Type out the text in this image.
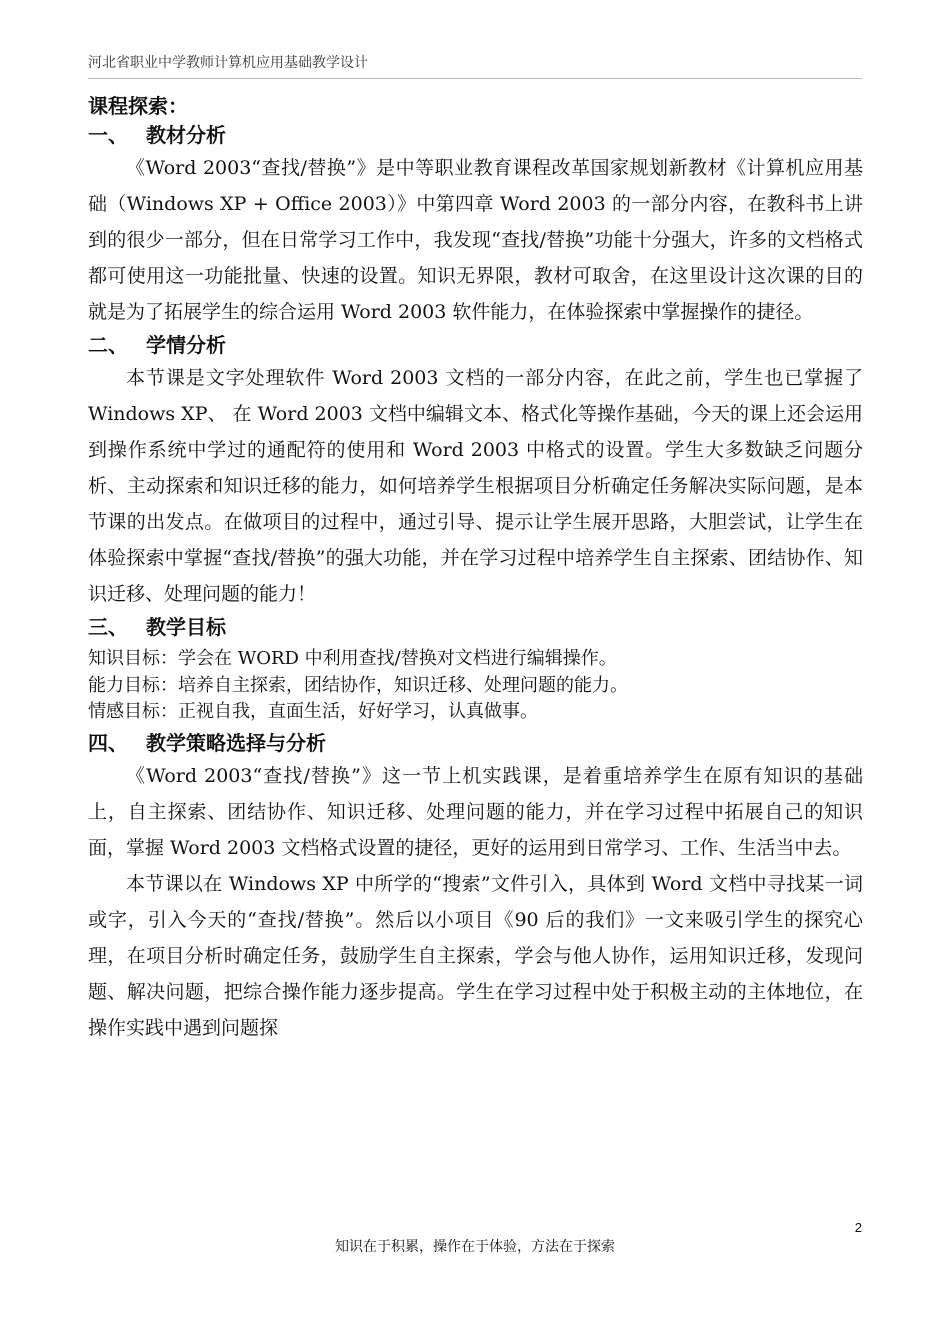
河北省职业中学教师计算机应用基础教学设计
课程探索：
一、 教材分析

《Word 2003“查找/替换”》是中等职业教育课程改革国家规划新教材《计算机应用基础（Windows XP + Office 2003）》中第四章 Word 2003 的一部分内容，在教科书上讲到的很少一部分，但在日常学习工作中，我发现“查找/替换”功能十分强大，许多的文档格式都可使用这一功能批量、快速的设置。知识无界限，教材可取舍，在这里设计这次课的目的就是为了拓展学生的综合运用 Word 2003 软件能力，在体验探索中掌握操作的捷径。

二、 学情分析

本节课是文字处理软件 Word 2003 文档的一部分内容，在此之前，学生也已掌握了 Windows XP、 在 Word 2003 文档中编辑文本、格式化等操作基础，今天的课上还会运用到操作系统中学过的通配符的使用和 Word 2003 中格式的设置。学生大多数缺乏问题分析、主动探索和知识迁移的能力，如何培养学生根据项目分析确定任务解决实际问题，是本节课的出发点。在做项目的过程中，通过引导、提示让学生展开思路，大胆尝试，让学生在体验探索中掌握“查找/替换”的强大功能，并在学习过程中培养学生自主探索、团结协作、知识迁移、处理问题的能力！

三、 教学目标
知识目标：学会在 WORD 中利用查找/替换对文档进行编辑操作。
能力目标：培养自主探索，团结协作，知识迁移、处理问题的能力。
情感目标：正视自我，直面生活，好好学习，认真做事。
四、 教学策略选择与分析

《Word 2003“查找/替换”》这一节上机实践课，是着重培养学生在原有知识的基础上，自主探索、团结协作、知识迁移、处理问题的能力，并在学习过程中拓展自己的知识面，掌握 Word 2003 文档格式设置的捷径，更好的运用到日常学习、工作、生活当中去。

本节课以在 Windows XP 中所学的“搜索”文件引入，具体到 Word 文档中寻找某一词或字，引入今天的“查找/替换”。然后以小项目《90 后的我们》一文来吸引学生的探究心理，在项目分析时确定任务，鼓励学生自主探索，学会与他人协作，运用知识迁移，发现问题、解决问题，把综合操作能力逐步提高。学生在学习过程中处于积极主动的主体地位，在操作实践中遇到问题探

2
知识在于积累，操作在于体验，方法在于探索
